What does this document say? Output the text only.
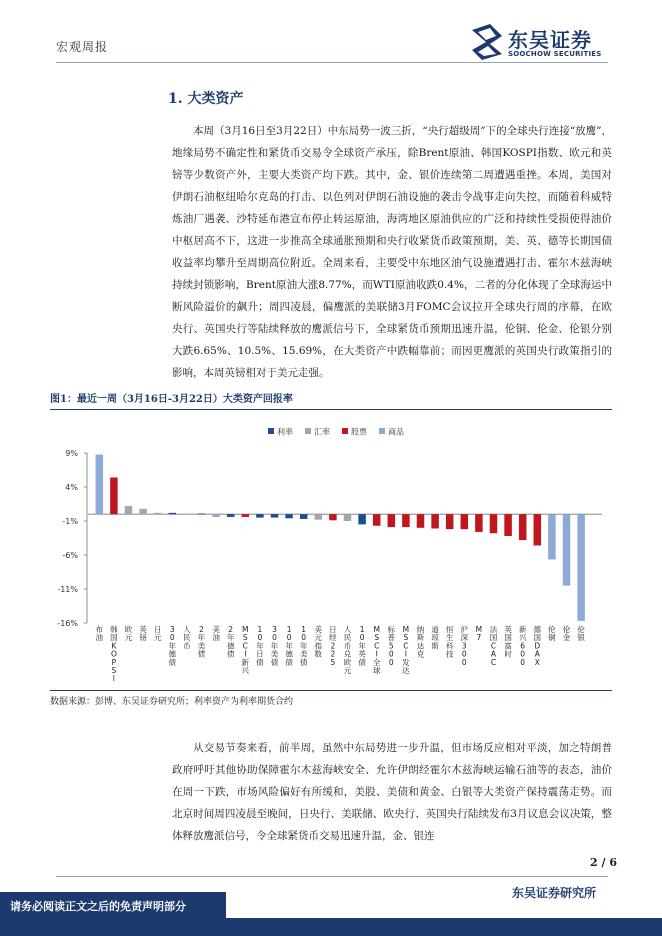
宏观周报	东吴证券
SOOCHOW SECURITIES
1. 大类资产

本周（3月16日至3月22日）中东局势一波三折，“央行超级周”下的全球央行连接“放鹰”，地缘局势不确定性和紧货币交易令全球资产承压，除Brent原油、韩国KOSPI指数、欧元和英镑等少数资产外，主要大类资产均下跌。其中，金、银价连续第二周遭遇重挫。本周，美国对伊朗石油枢纽哈尔克岛的打击、以色列对伊朗石油设施的袭击令战事走向失控，而随着科威特炼油厂遇袭、沙特延布港宣布停止转运原油，海湾地区原油供应的广泛和持续性受损使得油价中枢居高不下，这进一步推高全球通胀预期和央行收紧货币政策预期，美、英、德等长期国债收益率均攀升至周期高位附近。全周来看，主要受中东地区油气设施遭遇打击、霍尔木兹海峡持续封锁影响，Brent原油大涨8.77%，而WTI原油收跌0.4%，二者的分化体现了全球海运中断风险溢价的飙升；周四凌晨，偏鹰派的美联储3月FOMC会议拉开全球央行周的序幕，在欧央行、英国央行等陆续释放的鹰派信号下，全球紧货币预期迅速升温，伦铜、伦金、伦银分别大跌6.65%、10.5%、15.69%，在大类资产中跌幅靠前；而因更鹰派的英国央行政策指引的影响，本周英镑相对于美元走强。

图1：最近一周（3月16日-3月22日）大类资产回报率
利率	汇率	股票	商品
9%
4%
-1%
-6%
-11%
-16%
布油
韩国 K O P S I
欧元
英镑
日元
3 0 年德债
人民币
2 年美债
美油
2 年德债
M S C I 新兴
1 0 年日债
3 0 年美债
1 0 年德债
1 0 年美债
美元指数
日经 2 2 5
人民币兑欧元
1 0 年英债
M S C I 全球
标普 5 0 0
M S C I 发达
纳斯达克
道琼斯
恒生科技
沪深 3 0 0
M 7
法国 C A C
英国富时
新兴 6 0 0
德国 D A X
伦铜
伦金
伦银
数据来源：彭博、东吴证券研究所；利率资产为利率期货合约

从交易节奏来看，前半周，虽然中东局势进一步升温，但市场反应相对平淡，加之特朗普政府呼吁其他协助保障霍尔木兹海峡安全、允许伊朗经霍尔木兹海峡运输石油等的表态，油价在周一下跌，市场风险偏好有所缓和，美股、美债和黄金、白银等大类资产保持震荡走势。而北京时间周四凌晨至晚间，日央行、美联储、欧央行、英国央行陆续发布3月议息会议决策，整体释放鹰派信号，令全球紧货币交易迅速升温，金、银连

2 / 6
东吴证券研究所
请务必阅读正文之后的免责声明部分
